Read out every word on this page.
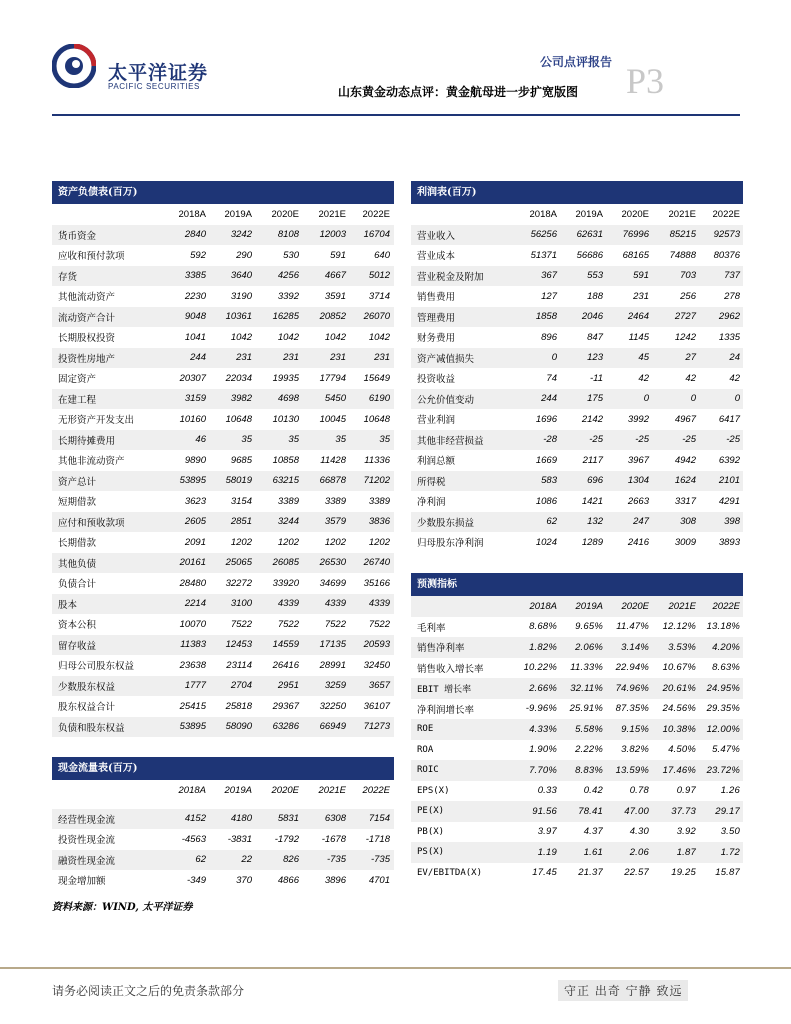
太平洋证券
PACIFIC SECURITIES
公司点评报告
山东黄金动态点评：黄金航母进一步扩宽版图 P3
资产负债表(百万)
2018A	2019A	2020E	2021E	2022E
货币资金	2840	3242	8108	12003	16704
应收和预付款项	592	290	530	591	640
存货	3385	3640	4256	4667	5012
其他流动资产	2230	3190	3392	3591	3714
流动资产合计	9048	10361	16285	20852	26070
长期股权投资	1041	1042	1042	1042	1042
投资性房地产	244	231	231	231	231
固定资产	20307	22034	19935	17794	15649
在建工程	3159	3982	4698	5450	6190
无形资产开发支出	10160	10648	10130	10045	10648
长期待摊费用	46	35	35	35	35
其他非流动资产	9890	9685	10858	11428	11336
资产总计	53895	58019	63215	66878	71202
短期借款	3623	3154	3389	3389	3389
应付和预收款项	2605	2851	3244	3579	3836
长期借款	2091	1202	1202	1202	1202
其他负债	20161	25065	26085	26530	26740
负债合计	28480	32272	33920	34699	35166
股本	2214	3100	4339	4339	4339
资本公积	10070	7522	7522	7522	7522
留存收益	11383	12453	14559	17135	20593
归母公司股东权益	23638	23114	26416	28991	32450
少数股东权益	1777	2704	2951	3259	3657
股东权益合计	25415	25818	29367	32250	36107
负债和股东权益	53895	58090	63286	66949	71273
利润表(百万)
2018A	2019A	2020E	2021E	2022E
营业收入	56256	62631	76996	85215	92573
营业成本	51371	56686	68165	74888	80376
营业税金及附加	367	553	591	703	737
销售费用	127	188	231	256	278
管理费用	1858	2046	2464	2727	2962
财务费用	896	847	1145	1242	1335
资产减值损失	0	123	45	27	24
投资收益	74	-11	42	42	42
公允价值变动	244	175	0	0	0
营业利润	1696	2142	3992	4967	6417
其他非经营损益	-28	-25	-25	-25	-25
利润总额	1669	2117	3967	4942	6392
所得税	583	696	1304	1624	2101
净利润	1086	1421	2663	3317	4291
少数股东损益	62	132	247	308	398
归母股东净利润	1024	1289	2416	3009	3893
预测指标
2018A	2019A	2020E	2021E	2022E
毛利率	8.68%	9.65%	11.47%	12.12%	13.18%
销售净利率	1.82%	2.06%	3.14%	3.53%	4.20%
销售收入增长率	10.22%	11.33%	22.94%	10.67%	8.63%
EBIT 增长率	2.66%	32.11%	74.96%	20.61%	24.95%
净利润增长率	-9.96%	25.91%	87.35%	24.56%	29.35%
ROE	4.33%	5.58%	9.15%	10.38%	12.00%
ROA	1.90%	2.22%	3.82%	4.50%	5.47%
ROIC	7.70%	8.83%	13.59%	17.46%	23.72%
EPS(X)	0.33	0.42	0.78	0.97	1.26
PE(X)	91.56	78.41	47.00	37.73	29.17
PB(X)	3.97	4.37	4.30	3.92	3.50
PS(X)	1.19	1.61	2.06	1.87	1.72
EV/EBITDA(X)	17.45	21.37	22.57	19.25	15.87
现金流量表(百万)
2018A	2019A	2020E	2021E	2022E
经营性现金流	4152	4180	5831	6308	7154
投资性现金流	-4563	-3831	-1792	-1678	-1718
融资性现金流	62	22	826	-735	-735
现金增加额	-349	370	4866	3896	4701
资料来源：WIND, 太平洋证券
请务必阅读正文之后的免责条款部分	守正 出奇 宁静 致远
